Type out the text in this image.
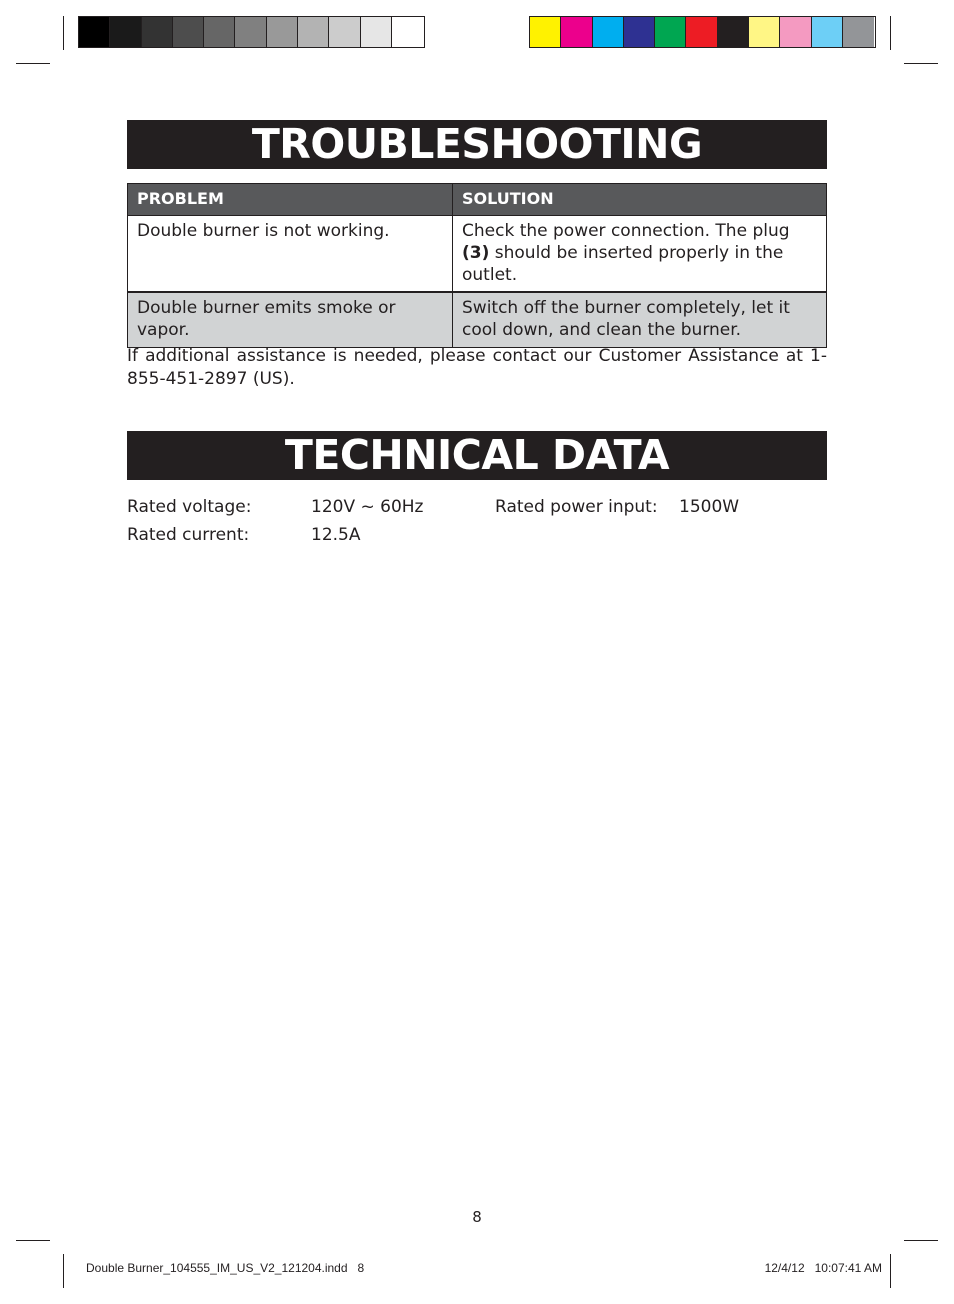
TROUBLESHOOTING
PROBLEM	SOLUTION
Double burner is not working.	Check the power connection. The plug (3) should be inserted properly in the outlet.
Double burner emits smoke or vapor.	Switch off the burner completely, let it cool down, and clean the burner.
If additional assistance is needed, please contact our Customer Assistance at 1-855-451-2897 (US).
TECHNICAL DATA
Rated voltage:	120V ~ 60Hz	Rated power input: 1500W
Rated current:	12.5A
8
Double Burner_104555_IM_US_V2_121204.indd   8	12/4/12   10:07:41 AM
